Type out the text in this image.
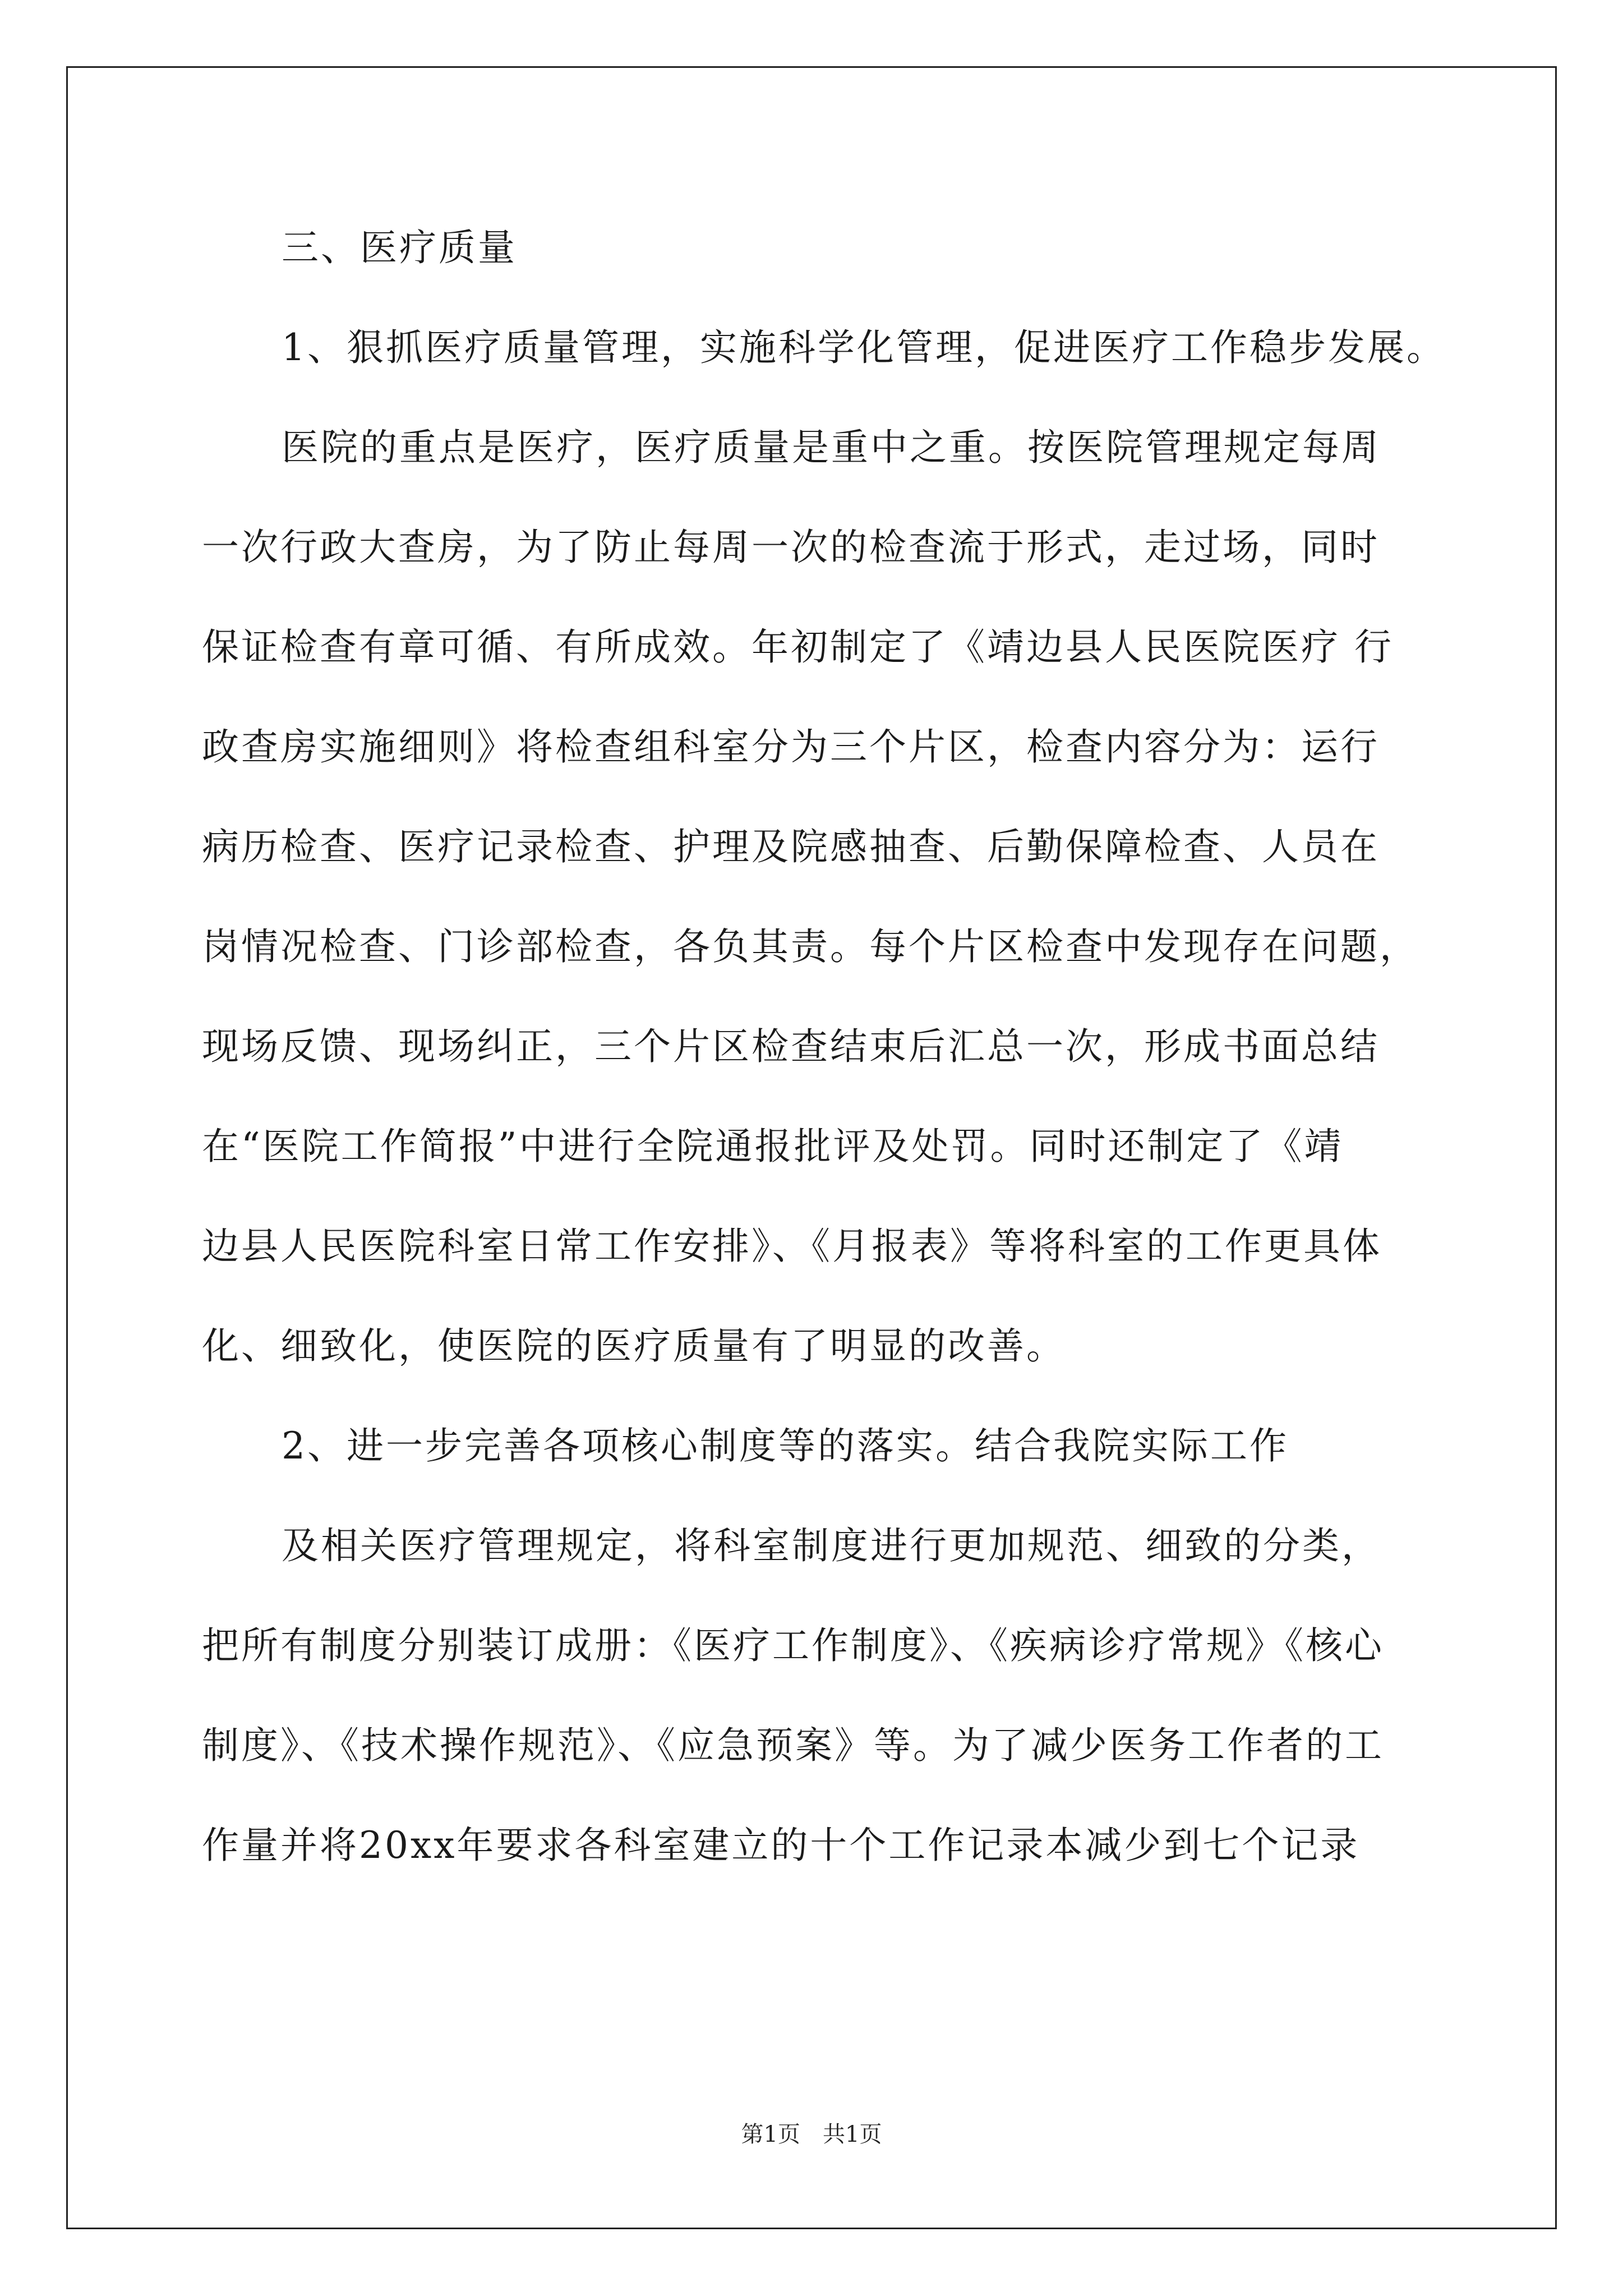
三、医疗质量
1、狠抓医疗质量管理，实施科学化管理，促进医疗工作稳步发展。
医院的重点是医疗，医疗质量是重中之重。按医院管理规定每周
一次行政大查房，为了防止每周一次的检查流于形式，走过场，同时
保证检查有章可循、有所成效。年初制定了《靖边县人民医院医疗 行
政查房实施细则》将检查组科室分为三个片区，检查内容分为：运行
病历检查、医疗记录检查、护理及院感抽查、后勤保障检查、人员在
岗情况检查、门诊部检查，各负其责。每个片区检查中发现存在问题，
现场反馈、现场纠正，三个片区检查结束后汇总一次，形成书面总结
在“医院工作简报”中进行全院通报批评及处罚。同时还制定了《靖
边县人民医院科室日常工作安排》、《月报表》等将科室的工作更具体
化、细致化，使医院的医疗质量有了明显的改善。
2、进一步完善各项核心制度等的落实。结合我院实际工作
及相关医疗管理规定，将科室制度进行更加规范、细致的分类，
把所有制度分别装订成册：《医疗工作制度》、《疾病诊疗常规》《核心
制度》、《技术操作规范》、《应急预案》等。为了减少医务工作者的工
作量并将20xx年要求各科室建立的十个工作记录本减少到七个记录
第1页　共1页
